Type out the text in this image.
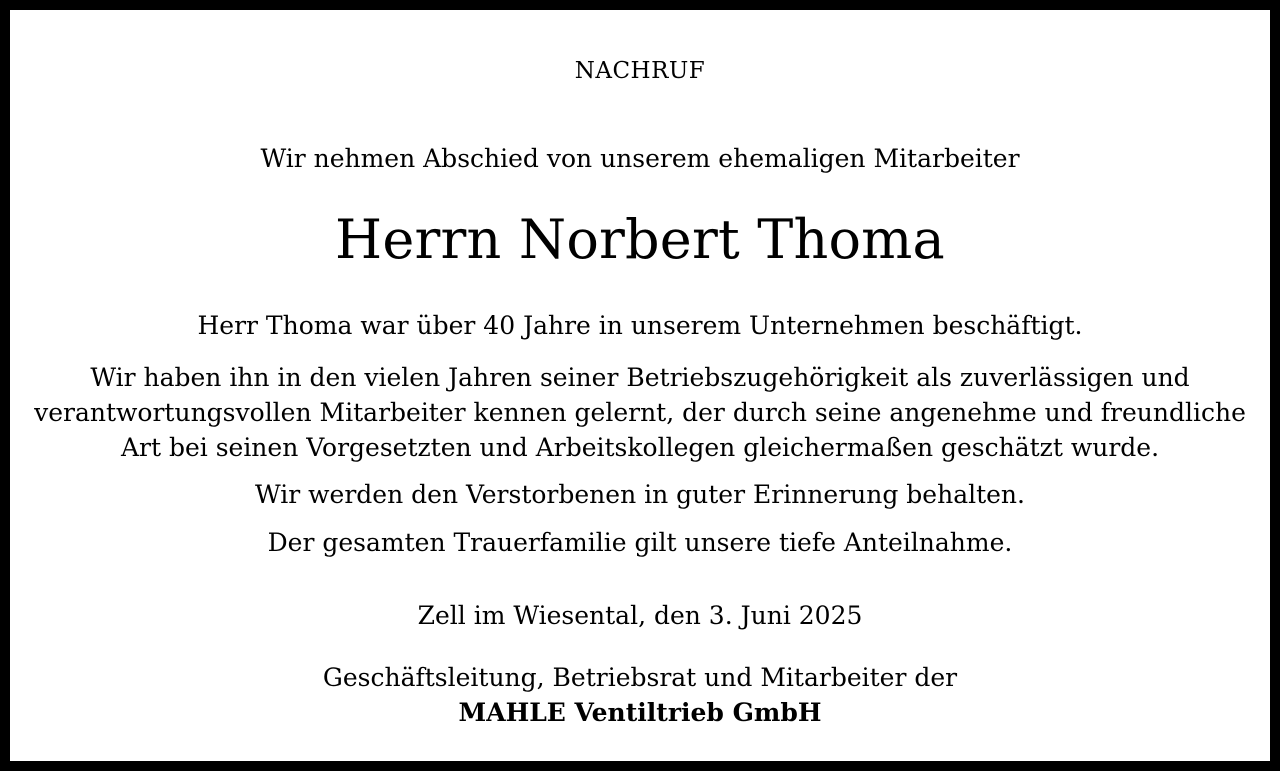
NACHRUF

Wir nehmen Abschied von unserem ehemaligen Mitarbeiter

Herrn Norbert Thoma

Herr Thoma war über 40 Jahre in unserem Unternehmen beschäftigt.

Wir haben ihn in den vielen Jahren seiner Betriebszugehörigkeit als zuverlässigen und
verantwortungsvollen Mitarbeiter kennen gelernt, der durch seine angenehme und freundliche
Art bei seinen Vorgesetzten und Arbeitskollegen gleichermaßen geschätzt wurde.

Wir werden den Verstorbenen in guter Erinnerung behalten.

Der gesamten Trauerfamilie gilt unsere tiefe Anteilnahme.

Zell im Wiesental, den 3. Juni 2025

Geschäftsleitung, Betriebsrat und Mitarbeiter der

MAHLE Ventiltrieb GmbH
